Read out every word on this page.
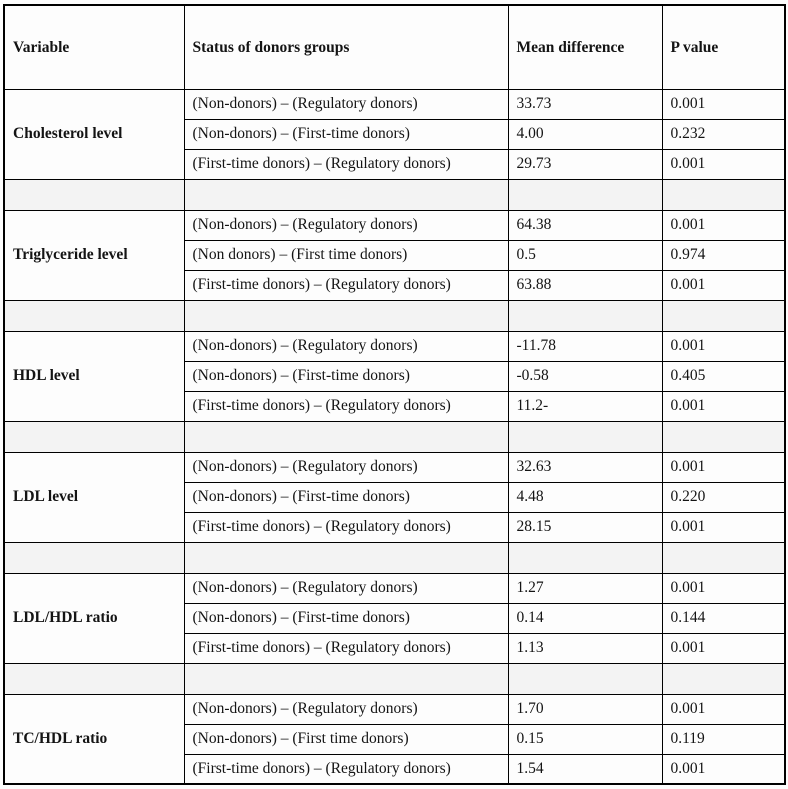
Variable	Status of donors groups	Mean difference	P value
Cholesterol level	(Non-donors) – (Regulatory donors)	33.73	0.001
	(Non-donors) – (First-time donors)	4.00	0.232
	(First-time donors) – (Regulatory donors)	29.73	0.001

Triglyceride level	(Non-donors) – (Regulatory donors)	64.38	0.001
	(Non donors) – (First time donors)	0.5	0.974
	(First-time donors) – (Regulatory donors)	63.88	0.001

HDL level	(Non-donors) – (Regulatory donors)	-11.78	0.001
	(Non-donors) – (First-time donors)	-0.58	0.405
	(First-time donors) – (Regulatory donors)	11.2-	0.001

LDL level	(Non-donors) – (Regulatory donors)	32.63	0.001
	(Non-donors) – (First-time donors)	4.48	0.220
	(First-time donors) – (Regulatory donors)	28.15	0.001

LDL/HDL ratio	(Non-donors) – (Regulatory donors)	1.27	0.001
	(Non-donors) – (First-time donors)	0.14	0.144
	(First-time donors) – (Regulatory donors)	1.13	0.001

TC/HDL ratio	(Non-donors) – (Regulatory donors)	1.70	0.001
	(Non-donors) – (First time donors)	0.15	0.119
	(First-time donors) – (Regulatory donors)	1.54	0.001
